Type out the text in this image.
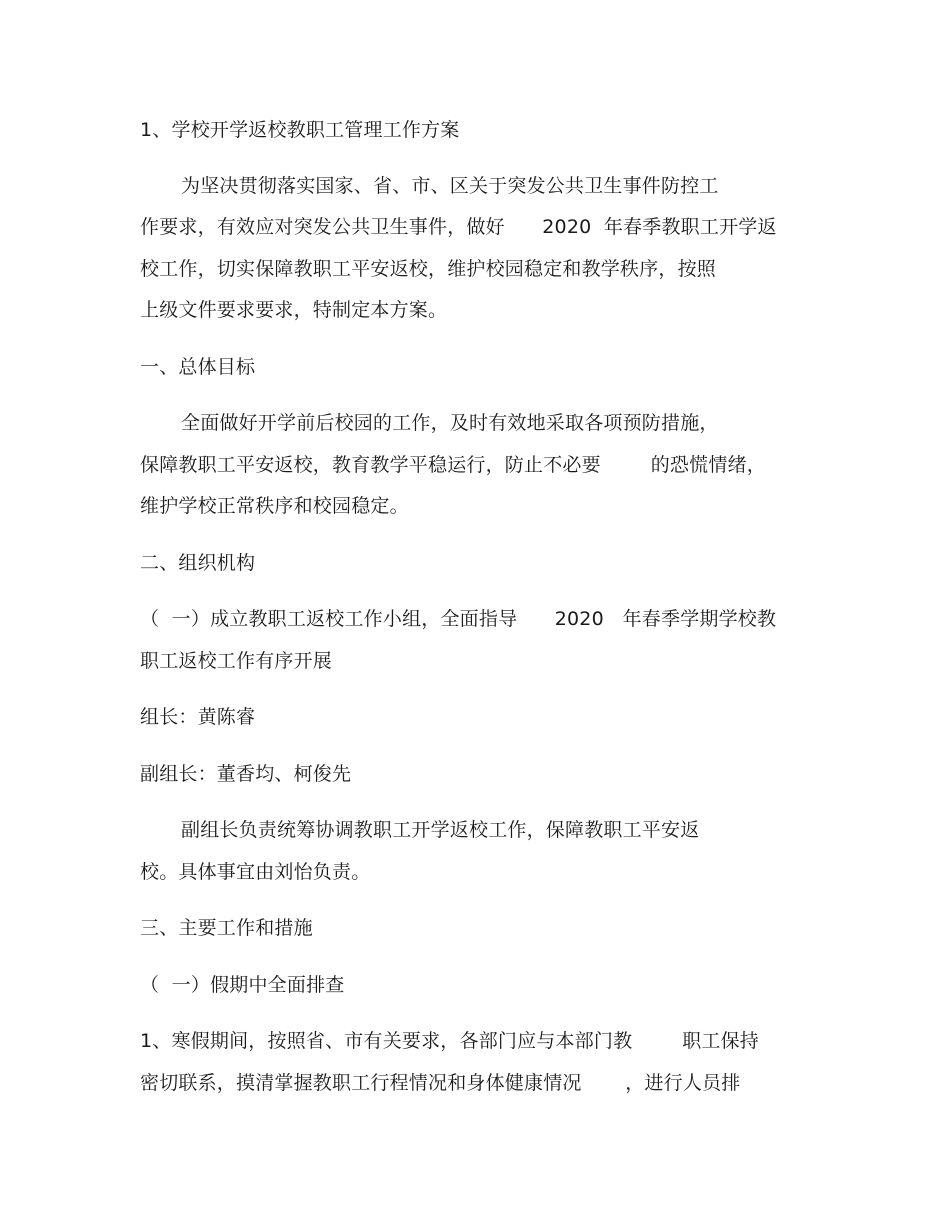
1、学校开学返校教职工管理工作方案
为坚决贯彻落实国家、省、市、区关于突发公共卫生事件防控工
作要求，有效应对突发公共卫生事件，做好      2020  年春季教职工开学返
校工作，切实保障教职工平安返校，维护校园稳定和教学秩序，按照
上级文件要求要求，特制定本方案。
一、总体目标
全面做好开学前后校园的工作，及时有效地采取各项预防措施，
保障教职工平安返校，教育教学平稳运行，防止不必要        的恐慌情绪，
维护学校正常秩序和校园稳定。
二、组织机构
（  一）成立教职工返校工作小组，全面指导      2020   年春季学期学校教
职工返校工作有序开展
组长：黄陈睿
副组长：董香均、柯俊先
副组长负责统筹协调教职工开学返校工作，保障教职工平安返
校。具体事宜由刘怡负责。
三、主要工作和措施
（  一）假期中全面排查
1、寒假期间，按照省、市有关要求，各部门应与本部门教        职工保持
密切联系，摸清掌握教职工行程情况和身体健康情况       ，进行人员排
